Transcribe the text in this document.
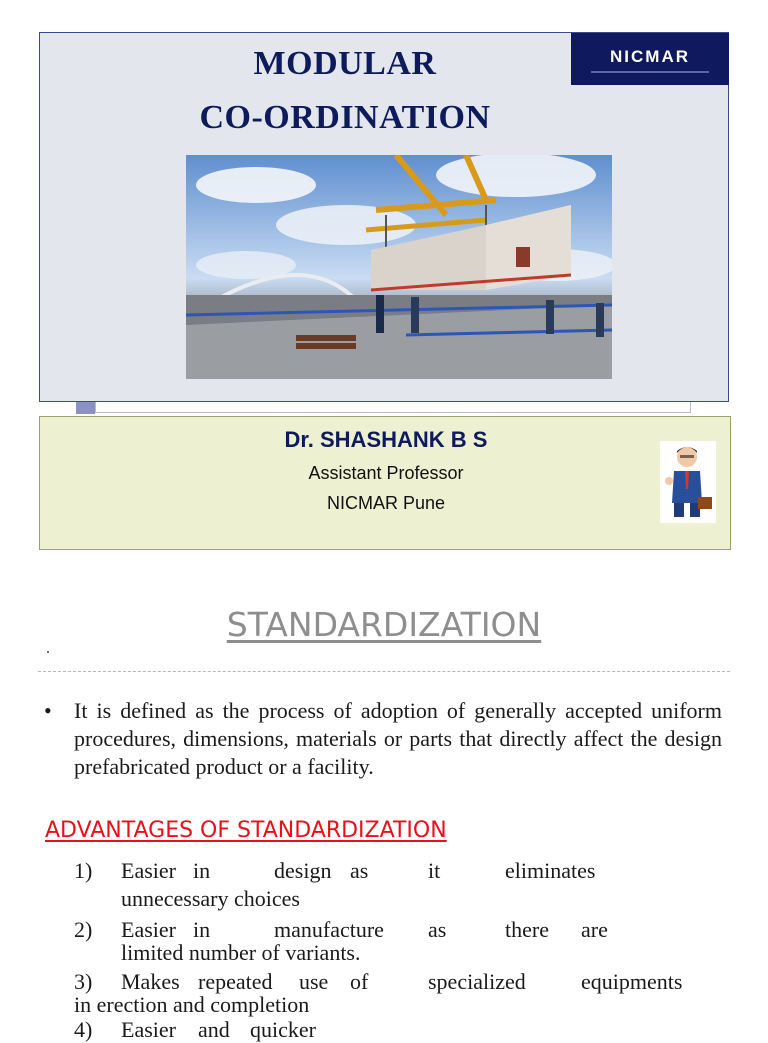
MODULAR
CO-ORDINATION
NICMAR
Dr. SHASHANK B S
Assistant Professor
NICMAR Pune
STANDARDIZATION
.
• It is defined as the process of adoption of generally accepted uniform procedures, dimensions, materials or parts that directly affect the design prefabricated product or a facility.
ADVANTAGES OF STANDARDIZATION
1) Easier in	design as	it	eliminates
unnecessary choices
2) Easier in	manufacture as	there are
limited number of variants.
3) Makes repeated use of	specialized	equipments
in erection and completion
4) Easier and quicker
